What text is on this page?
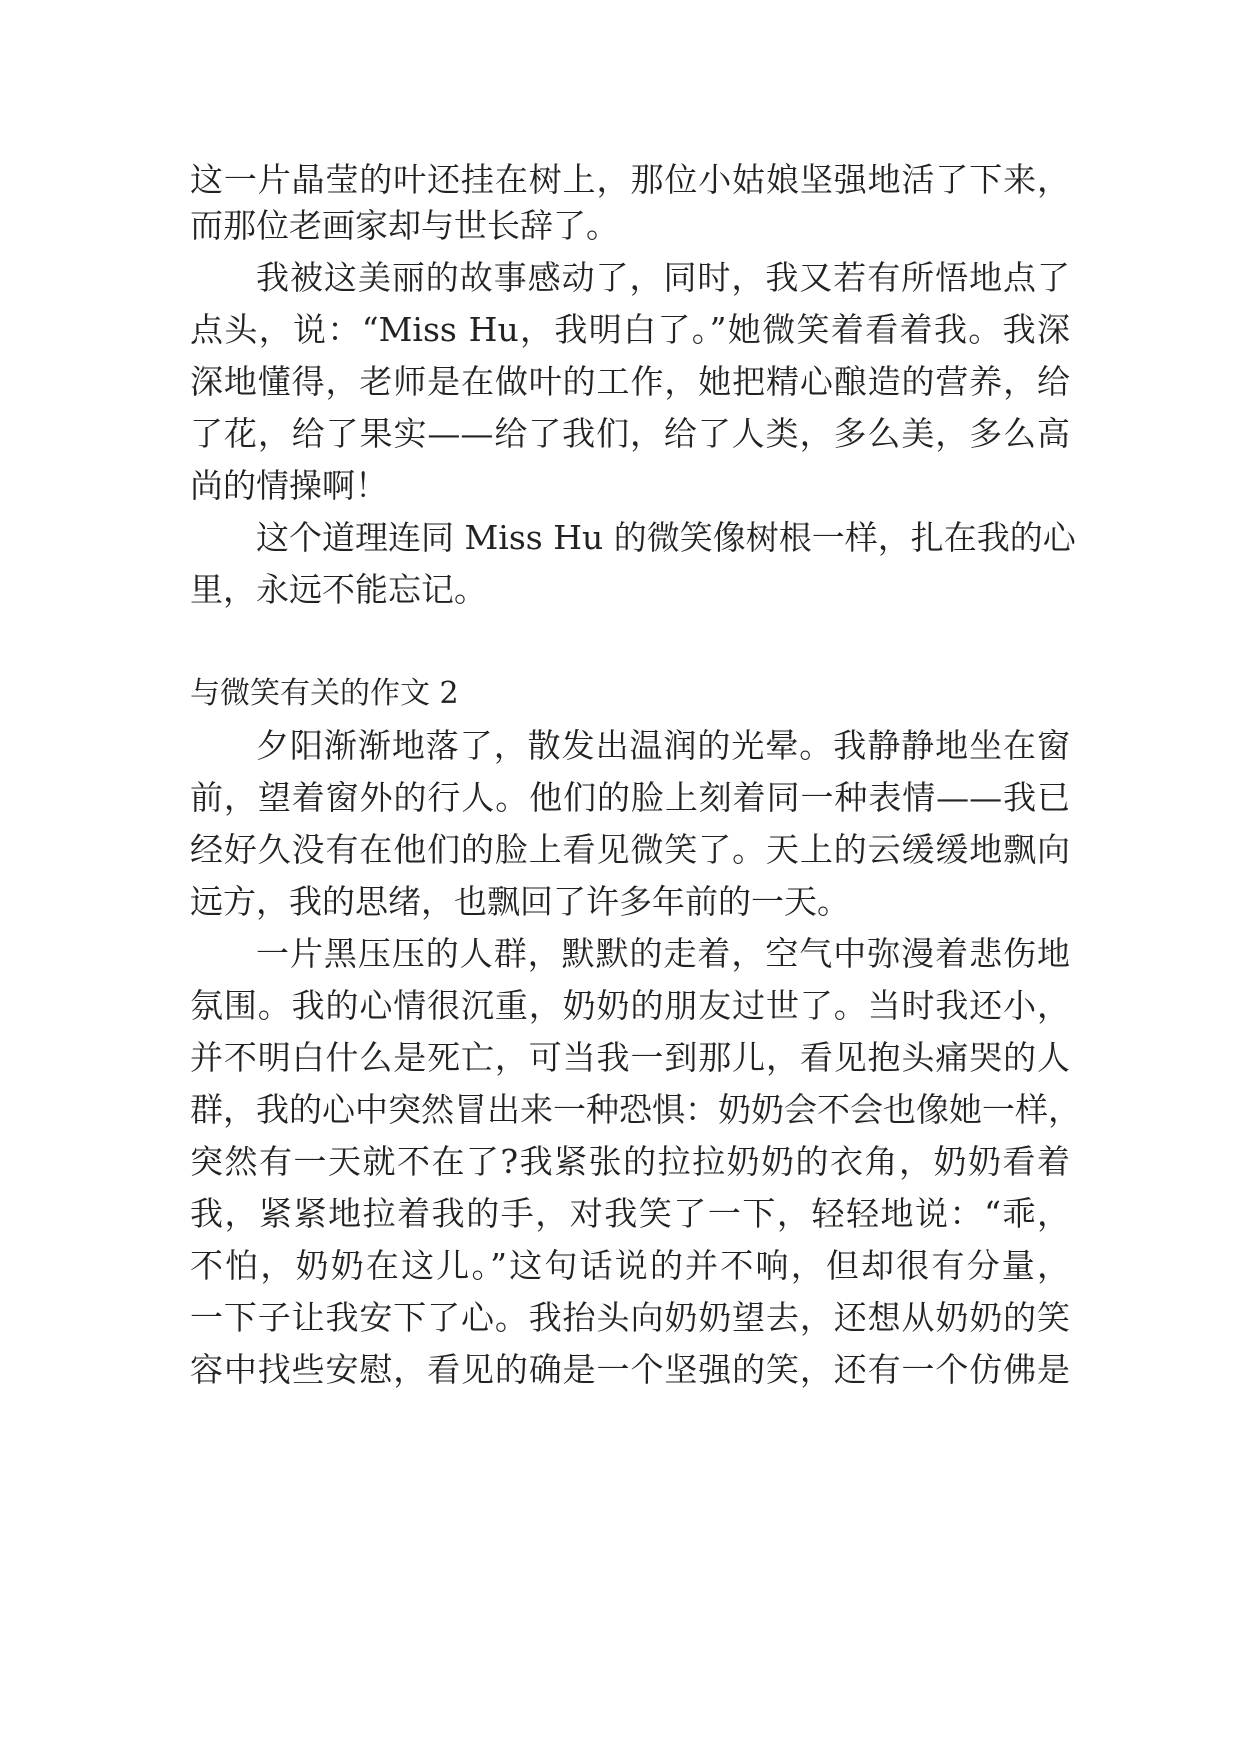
这一片晶莹的叶还挂在树上，那位小姑娘坚强地活了下来，
而那位老画家却与世长辞了。
我被这美丽的故事感动了，同时，我又若有所悟地点了
点头，说：“Miss Hu，我明白了。”她微笑着看着我。我深
深地懂得，老师是在做叶的工作，她把精心酿造的营养，给
了花，给了果实——给了我们，给了人类，多么美，多么高
尚的情操啊！
这个道理连同 Miss Hu 的微笑像树根一样，扎在我的心
里，永远不能忘记。
与微笑有关的作文 2
夕阳渐渐地落了，散发出温润的光晕。我静静地坐在窗
前，望着窗外的行人。他们的脸上刻着同一种表情——我已
经好久没有在他们的脸上看见微笑了。天上的云缓缓地飘向
远方，我的思绪，也飘回了许多年前的一天。
一片黑压压的人群，默默的走着，空气中弥漫着悲伤地
氛围。我的心情很沉重，奶奶的朋友过世了。当时我还小，
并不明白什么是死亡，可当我一到那儿，看见抱头痛哭的人
群，我的心中突然冒出来一种恐惧：奶奶会不会也像她一样，
突然有一天就不在了?我紧张的拉拉奶奶的衣角，奶奶看着
我，紧紧地拉着我的手，对我笑了一下，轻轻地说：“乖，
不怕，奶奶在这儿。”这句话说的并不响，但却很有分量，
一下子让我安下了心。我抬头向奶奶望去，还想从奶奶的笑
容中找些安慰，看见的确是一个坚强的笑，还有一个仿佛是
